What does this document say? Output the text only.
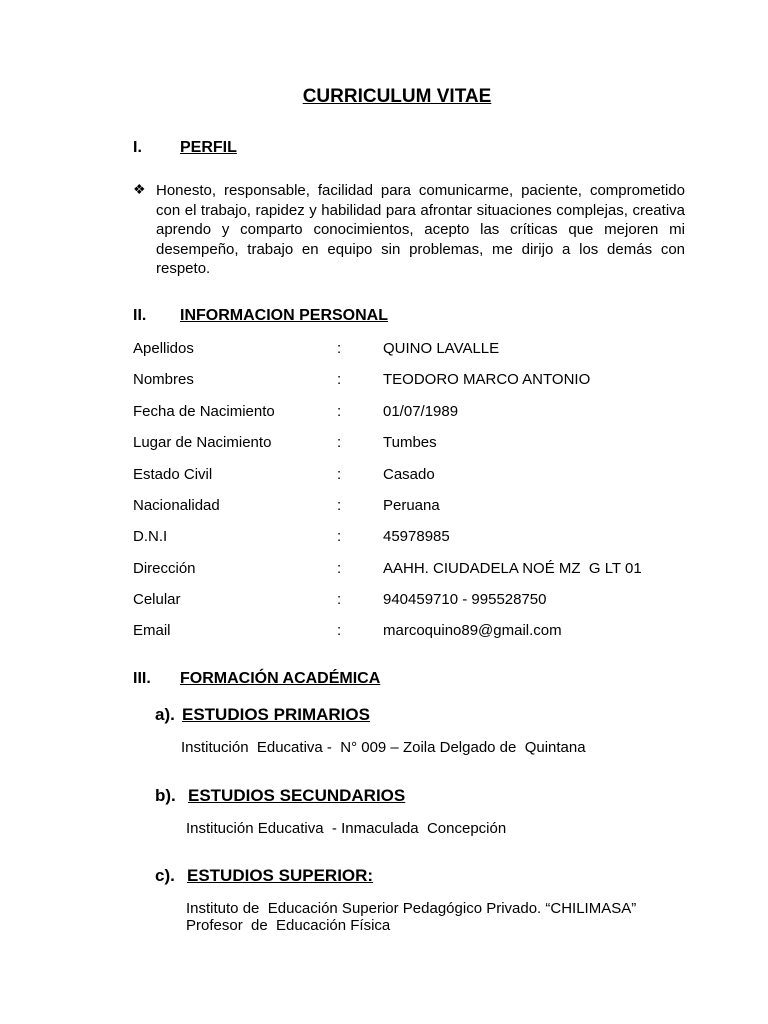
CURRICULUM VITAE
I. PERFIL
❖ Honesto, responsable, facilidad para comunicarme, paciente, comprometido con el trabajo, rapidez y habilidad para afrontar situaciones complejas, creativa aprendo y comparto conocimientos, acepto las críticas que mejoren mi desempeño, trabajo en equipo sin problemas, me dirijo a los demás con respeto.
II. INFORMACION PERSONAL
Apellidos	:	QUINO LAVALLE
Nombres	:	TEODORO MARCO ANTONIO
Fecha de Nacimiento	:	01/07/1989
Lugar de Nacimiento	:	Tumbes
Estado Civil	:	Casado
Nacionalidad	:	Peruana
D.N.I	:	45978985
Dirección	:	AAHH. CIUDADELA NOÉ MZ  G LT 01
Celular	:	940459710 - 995528750
Email	:	marcoquino89@gmail.com
III. FORMACIÓN ACADÉMICA
a). ESTUDIOS PRIMARIOS
Institución  Educativa -  N° 009 – Zoila Delgado de  Quintana
b). ESTUDIOS SECUNDARIOS
Institución Educativa  - Inmaculada  Concepción
c). ESTUDIOS SUPERIOR:
Instituto de  Educación Superior Pedagógico Privado. “CHILIMASA”
Profesor  de  Educación Física
